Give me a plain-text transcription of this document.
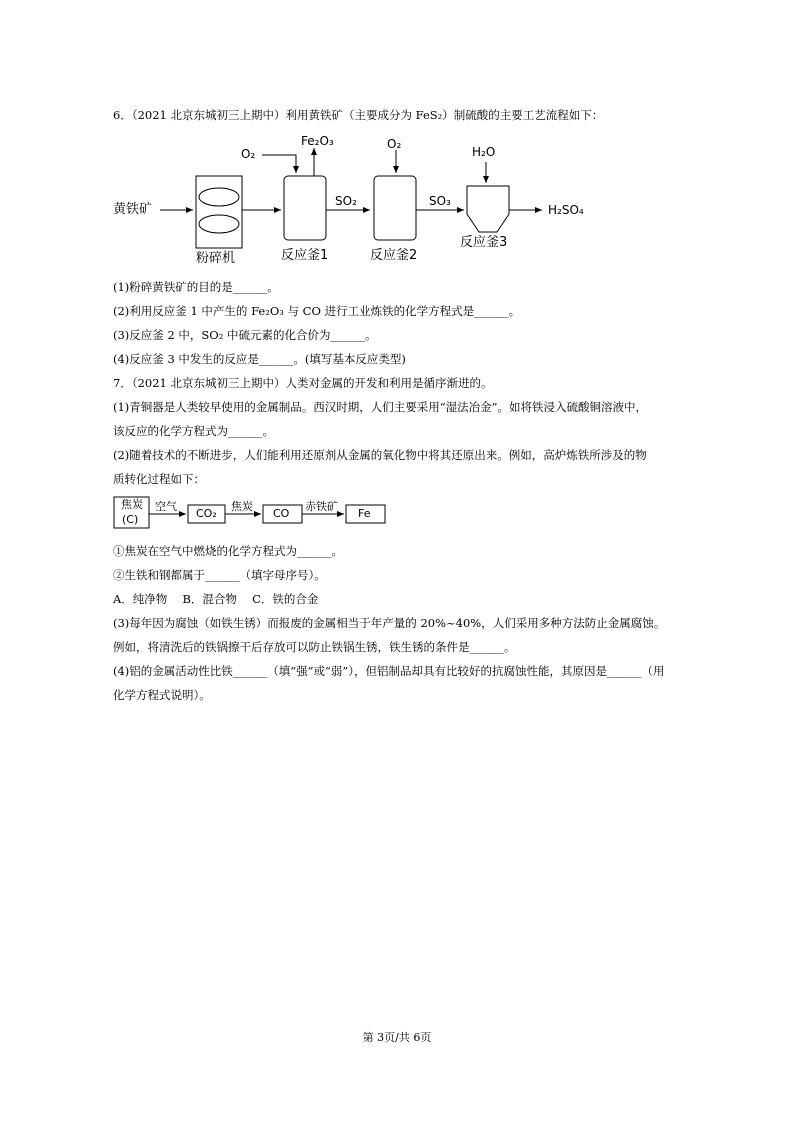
6．（2021 北京东城初三上期中）利用黄铁矿（主要成分为 FeS₂）制硫酸的主要工艺流程如下：
黄铁矿
粉碎机
O₂
Fe₂O₃
反应釜1
SO₂
O₂
反应釜2
SO₃
H₂O
反应釜3
H₂SO₄
(1)粉碎黄铁矿的目的是______。
(2)利用反应釜 1 中产生的 Fe₂O₃ 与 CO 进行工业炼铁的化学方程式是______。
(3)反应釜 2 中，SO₂ 中硫元素的化合价为______。
(4)反应釜 3 中发生的反应是______。(填写基本反应类型)
7．（2021 北京东城初三上期中）人类对金属的开发和利用是循序渐进的。
(1)青铜器是人类较早使用的金属制品。西汉时期，人们主要采用“湿法冶金”。如将铁浸入硫酸铜溶液中，
该反应的化学方程式为______。
(2)随着技术的不断进步，人们能利用还原剂从金属的氧化物中将其还原出来。例如，高炉炼铁所涉及的物
质转化过程如下：
焦炭
(C)
空气
CO₂
焦炭
CO
赤铁矿
Fe
①焦炭在空气中燃烧的化学方程式为______。
②生铁和钢都属于______（填字母序号）。
A．纯净物　 B．混合物　 C．铁的合金
(3)每年因为腐蚀（如铁生锈）而报废的金属相当于年产量的 20%~40%，人们采用多种方法防止金属腐蚀。
例如，将清洗后的铁锅擦干后存放可以防止铁锅生锈，铁生锈的条件是______。
(4)铝的金属活动性比铁______（填“强”或“弱”），但铝制品却具有比较好的抗腐蚀性能，其原因是______（用
化学方程式说明）。
第 3页/共 6页
